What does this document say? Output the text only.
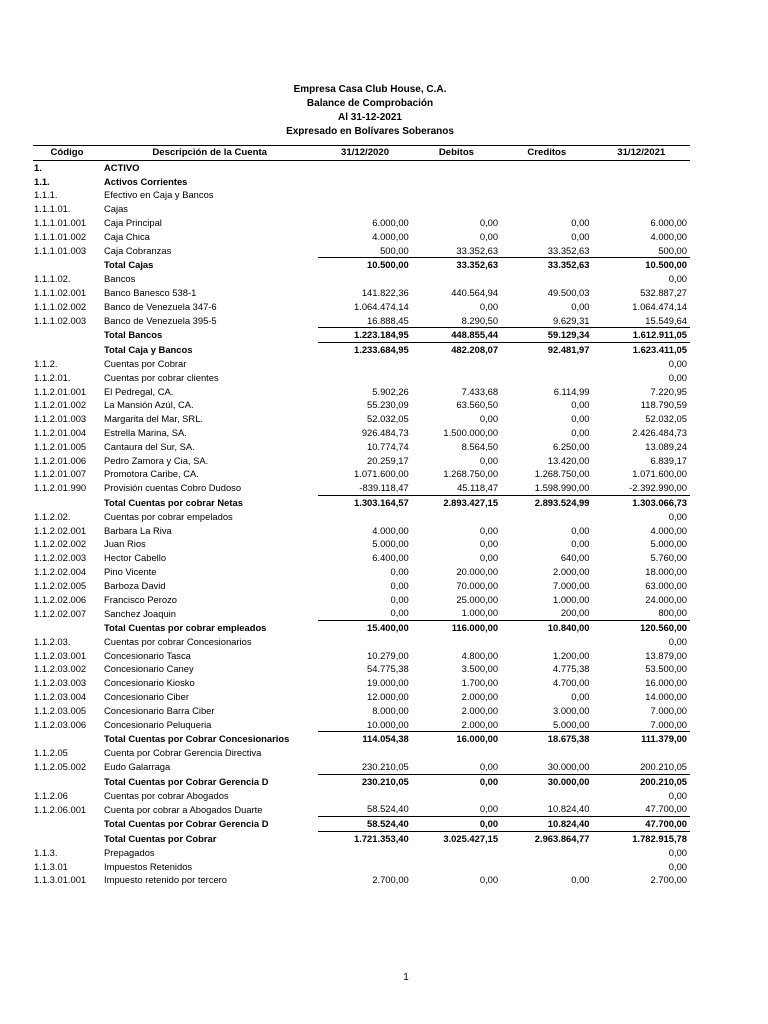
Empresa Casa Club House, C.A.
Balance de Comprobación
Al 31-12-2021
Expresado en Bolívares Soberanos
Código	Descripción de la Cuenta	31/12/2020	Debitos	Creditos	31/12/2021
1.	ACTIVO				
1.1.	Activos Corrientes				
1.1.1.	Efectivo en Caja y Bancos				
1.1.1.01.	Cajas				
1.1.1.01.001	Caja Principal	6.000,00	0,00	0,00	6.000,00
1.1.1.01.002	Caja Chica	4.000,00	0,00	0,00	4.000,00
1.1.1.01.003	Caja Cobranzas	500,00	33.352,63	33.352,63	500,00
	Total Cajas	10.500,00	33.352,63	33.352,63	10.500,00
1.1.1.02.	Bancos				0,00
1.1.1.02.001	Banco Banesco 538-1	141.822,36	440.564,94	49.500,03	532.887,27
1.1.1.02.002	Banco de Venezuela 347-6	1.064.474,14	0,00	0,00	1.064.474,14
1.1.1.02.003	Banco de Venezuela 395-5	16.888,45	8.290,50	9.629,31	15.549,64
	Total Bancos	1.223.184,95	448.855,44	59.129,34	1.612.911,05
	Total Caja y Bancos	1.233.684,95	482.208,07	92.481,97	1.623.411,05
1.1.2.	Cuentas por Cobrar				0,00
1.1.2.01.	Cuentas por cobrar clientes				0,00
1.1.2.01.001	El Pedregal, CA.	5.902,26	7.433,68	6.114,99	7.220,95
1.1.2.01.002	La Mansión Azúl, CA.	55.230,09	63.560,50	0,00	118.790,59
1.1.2.01.003	Margarita del Mar, SRL.	52.032,05	0,00	0,00	52.032,05
1.1.2.01.004	Estrella Marina, SA.	926.484,73	1.500.000,00	0,00	2.426.484,73
1.1.2.01.005	Cantaura del Sur, SA.	10.774,74	8.564,50	6.250,00	13.089,24
1.1.2.01.006	Pedro Zamora y Cia, SA.	20.259,17	0,00	13.420,00	6.839,17
1.1.2.01.007	Promotora Caribe, CA.	1.071.600,00	1.268.750,00	1.268.750,00	1.071.600,00
1.1.2.01.990	Provisión cuentas Cobro Dudoso	-839.118,47	45.118,47	1.598.990,00	-2.392.990,00
	Total Cuentas por cobrar Netas	1.303.164,57	2.893.427,15	2.893.524,99	1.303.066,73
1.1.2.02.	Cuentas por cobrar empelados				0,00
1.1.2.02.001	Barbara La Riva	4.000,00	0,00	0,00	4.000,00
1.1.2.02.002	Juan Rios	5.000,00	0,00	0,00	5.000,00
1.1.2.02.003	Hector Cabello	6.400,00	0,00	640,00	5.760,00
1.1.2.02.004	Pino Vicente	0,00	20.000,00	2.000,00	18.000,00
1.1.2.02.005	Barboza David	0,00	70.000,00	7.000,00	63.000,00
1.1.2.02.006	Francisco Perozo	0,00	25.000,00	1.000,00	24.000,00
1.1.2.02.007	Sanchez Joaquin	0,00	1.000,00	200,00	800,00
	Total Cuentas por cobrar empleados	15.400,00	116.000,00	10.840,00	120.560,00
1.1.2.03.	Cuentas por cobrar Concesionarios				0,00
1.1.2.03.001	Concesionario Tasca	10.279,00	4.800,00	1.200,00	13.879,00
1.1.2.03.002	Concesionario Caney	54.775,38	3.500,00	4.775,38	53.500,00
1.1.2.03.003	Concesionario Kiosko	19.000,00	1.700,00	4.700,00	16.000,00
1.1.2.03.004	Concesionario Ciber	12.000,00	2.000,00	0,00	14.000,00
1.1.2.03.005	Concesionario Barra Ciber	8.000,00	2.000,00	3.000,00	7.000,00
1.1.2.03.006	Concesionario Peluqueria	10.000,00	2.000,00	5.000,00	7.000,00
	Total Cuentas por Cobrar Concesionarios	114.054,38	16.000,00	18.675,38	111.379,00
1.1.2.05	Cuenta por Cobrar Gerencia Directiva				
1.1.2.05.002	Eudo Galarraga	230.210,05	0,00	30.000,00	200.210,05
	Total Cuentas por Cobrar Gerencia D	230.210,05	0,00	30.000,00	200.210,05
1.1.2.06	Cuentas por cobrar Abogados				0,00
1.1.2.06.001	Cuenta por cobrar a Abogados Duarte	58.524,40	0,00	10.824,40	47.700,00
	Total Cuentas por Cobrar Gerencia D	58.524,40	0,00	10.824,40	47.700,00
	Total Cuentas por Cobrar	1.721.353,40	3.025.427,15	2.963.864,77	1.782.915,78
1.1.3.	Prepagados				0,00
1.1.3.01	Impuestos Retenidos				0,00
1.1.3.01.001	Impuesto retenido por tercero	2.700,00	0,00	0,00	2.700,00
1
